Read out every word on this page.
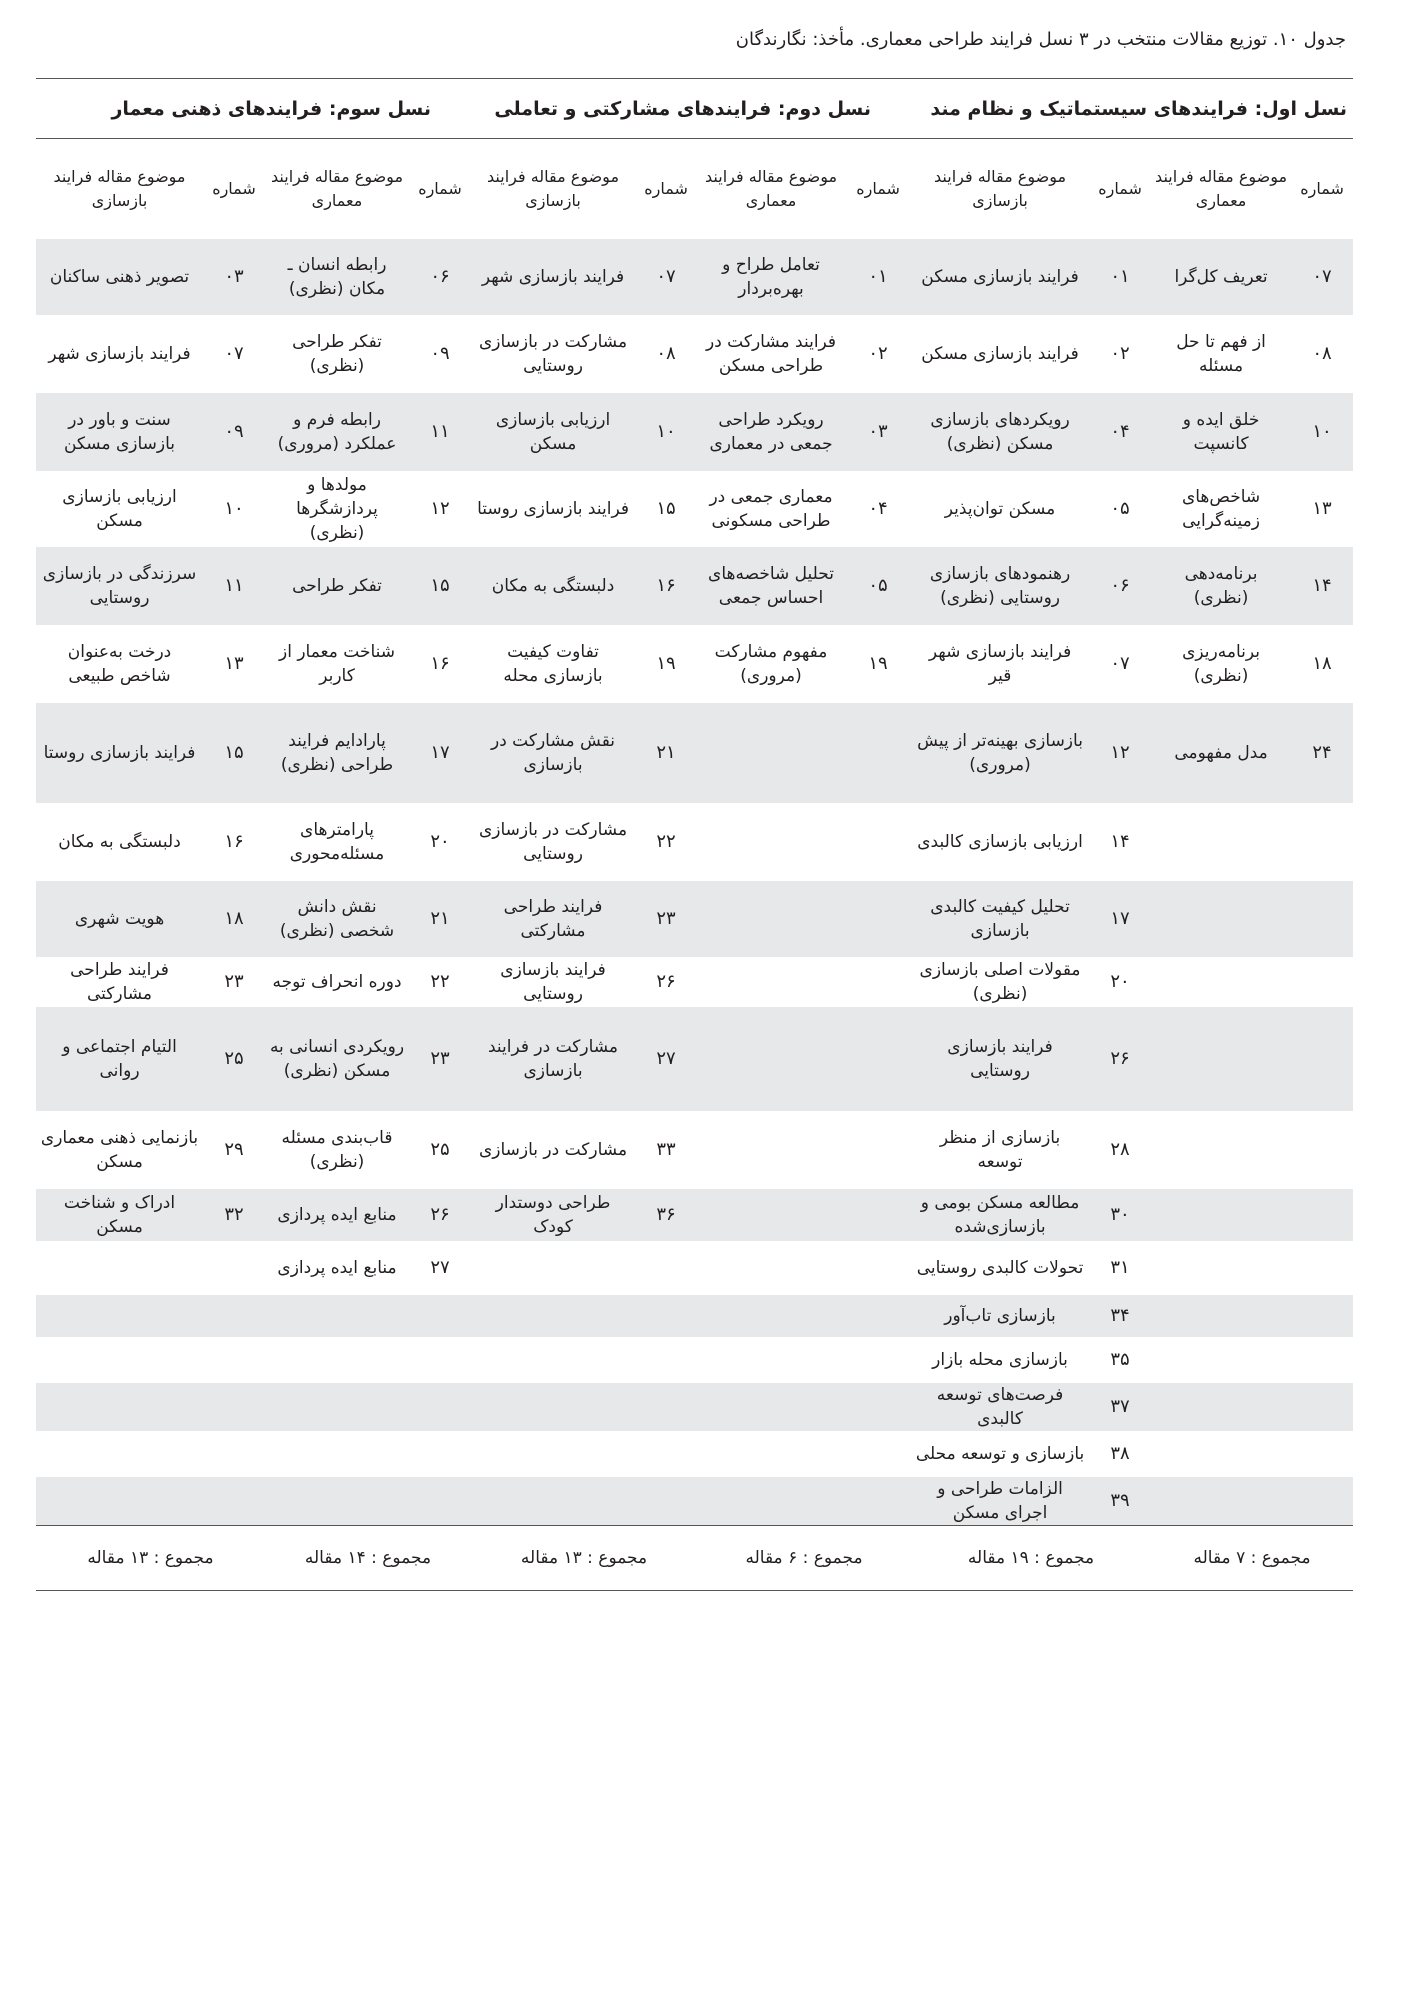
جدول ۱۰. توزیع مقالات منتخب در ۳ نسل فرایند طراحی معماری. مأخذ: نگارندگان
نسل اول: فرایندهای سیستماتیک و نظام مند				نسل دوم: فرایندهای مشارکتی و تعاملی				نسل سوم: فرایندهای ذهنی معمار			
شماره	موضوع مقاله فرایند معماری	شماره	موضوع مقاله فرایند بازسازی	شماره	موضوع مقاله فرایند معماری	شماره	موضوع مقاله فرایند بازسازی	شماره	موضوع مقاله فرایند معماری	شماره	موضوع مقاله فرایند بازسازی
۰۷	تعریف کل‌گرا	۰۱	فرایند بازسازی مسکن	۰۱	تعامل طراح و بهره‌بردار	۰۷	فرایند بازسازی شهر	۰۶	رابطه انسان ـ مکان (نظری)	۰۳	تصویر ذهنی ساکنان
۰۸	از فهم تا حل مسئله	۰۲	فرایند بازسازی مسکن	۰۲	فرایند مشارکت در طراحی مسکن	۰۸	مشارکت در بازسازی روستایی	۰۹	تفکر طراحی (نظری)	۰۷	فرایند بازسازی شهر
۱۰	خلق ایده و کانسپت	۰۴	رویکردهای بازسازی مسکن (نظری)	۰۳	رویکرد طراحی جمعی در معماری	۱۰	ارزیابی بازسازی مسکن	۱۱	رابطه فرم و عملکرد (مروری)	۰۹	سنت و باور در بازسازی مسکن
۱۳	شاخص‌های زمینه‌گرایی	۰۵	مسکن توان‌پذیر	۰۴	معماری جمعی در طراحی مسکونی	۱۵	فرایند بازسازی روستا	۱۲	مولدها و پردازشگرها (نظری)	۱۰	ارزیابی بازسازی مسکن
۱۴	برنامه‌دهی (نظری)	۰۶	رهنمودهای بازسازی روستایی (نظری)	۰۵	تحلیل شاخصه‌های احساس جمعی	۱۶	دلبستگی به مکان	۱۵	تفکر طراحی	۱۱	سرزندگی در بازسازی روستایی
۱۸	برنامه‌ریزی (نظری)	۰۷	فرایند بازسازی شهر قیر	۱۹	مفهوم مشارکت (مروری)	۱۹	تفاوت کیفیت بازسازی محله	۱۶	شناخت معمار از کاربر	۱۳	درخت به‌عنوان شاخص طبیعی
۲۴	مدل مفهومی	۱۲	بازسازی بهینه‌تر از پیش (مروری)			۲۱	نقش مشارکت در بازسازی	۱۷	پارادایم فرایند طراحی (نظری)	۱۵	فرایند بازسازی روستا
		۱۴	ارزیابی بازسازی کالبدی			۲۲	مشارکت در بازسازی روستایی	۲۰	پارامترهای مسئله‌محوری	۱۶	دلبستگی به مکان
		۱۷	تحلیل کیفیت کالبدی بازسازی			۲۳	فرایند طراحی مشارکتی	۲۱	نقش دانش شخصی (نظری)	۱۸	هویت شهری
		۲۰	مقولات اصلی بازسازی (نظری)			۲۶	فرایند بازسازی روستایی	۲۲	دوره انحراف توجه	۲۳	فرایند طراحی مشارکتی
		۲۶	فرایند بازسازی روستایی			۲۷	مشارکت در فرایند بازسازی	۲۳	رویکردی انسانی به مسکن (نظری)	۲۵	التیام اجتماعی و روانی
		۲۸	بازسازی از منظر توسعه			۳۳	مشارکت در بازسازی	۲۵	قاب‌بندی مسئله (نظری)	۲۹	بازنمایی ذهنی معماری مسکن
		۳۰	مطالعه مسکن بومی و بازسازی‌شده			۳۶	طراحی دوستدار کودک	۲۶	منابع ایده پردازی	۳۲	ادراک و شناخت مسکن
		۳۱	تحولات کالبدی روستایی					۲۷	منابع ایده پردازی		
		۳۴	بازسازی تاب‌آور								
		۳۵	بازسازی محله بازار								
		۳۷	فرصت‌های توسعه کالبدی								
		۳۸	بازسازی و توسعه محلی								
		۳۹	الزامات طراحی و اجرای مسکن								
مجموع : ۷ مقاله		مجموع : ۱۹ مقاله		مجموع : ۶ مقاله		مجموع : ۱۳ مقاله		مجموع : ۱۴ مقاله		مجموع : ۱۳ مقاله	
